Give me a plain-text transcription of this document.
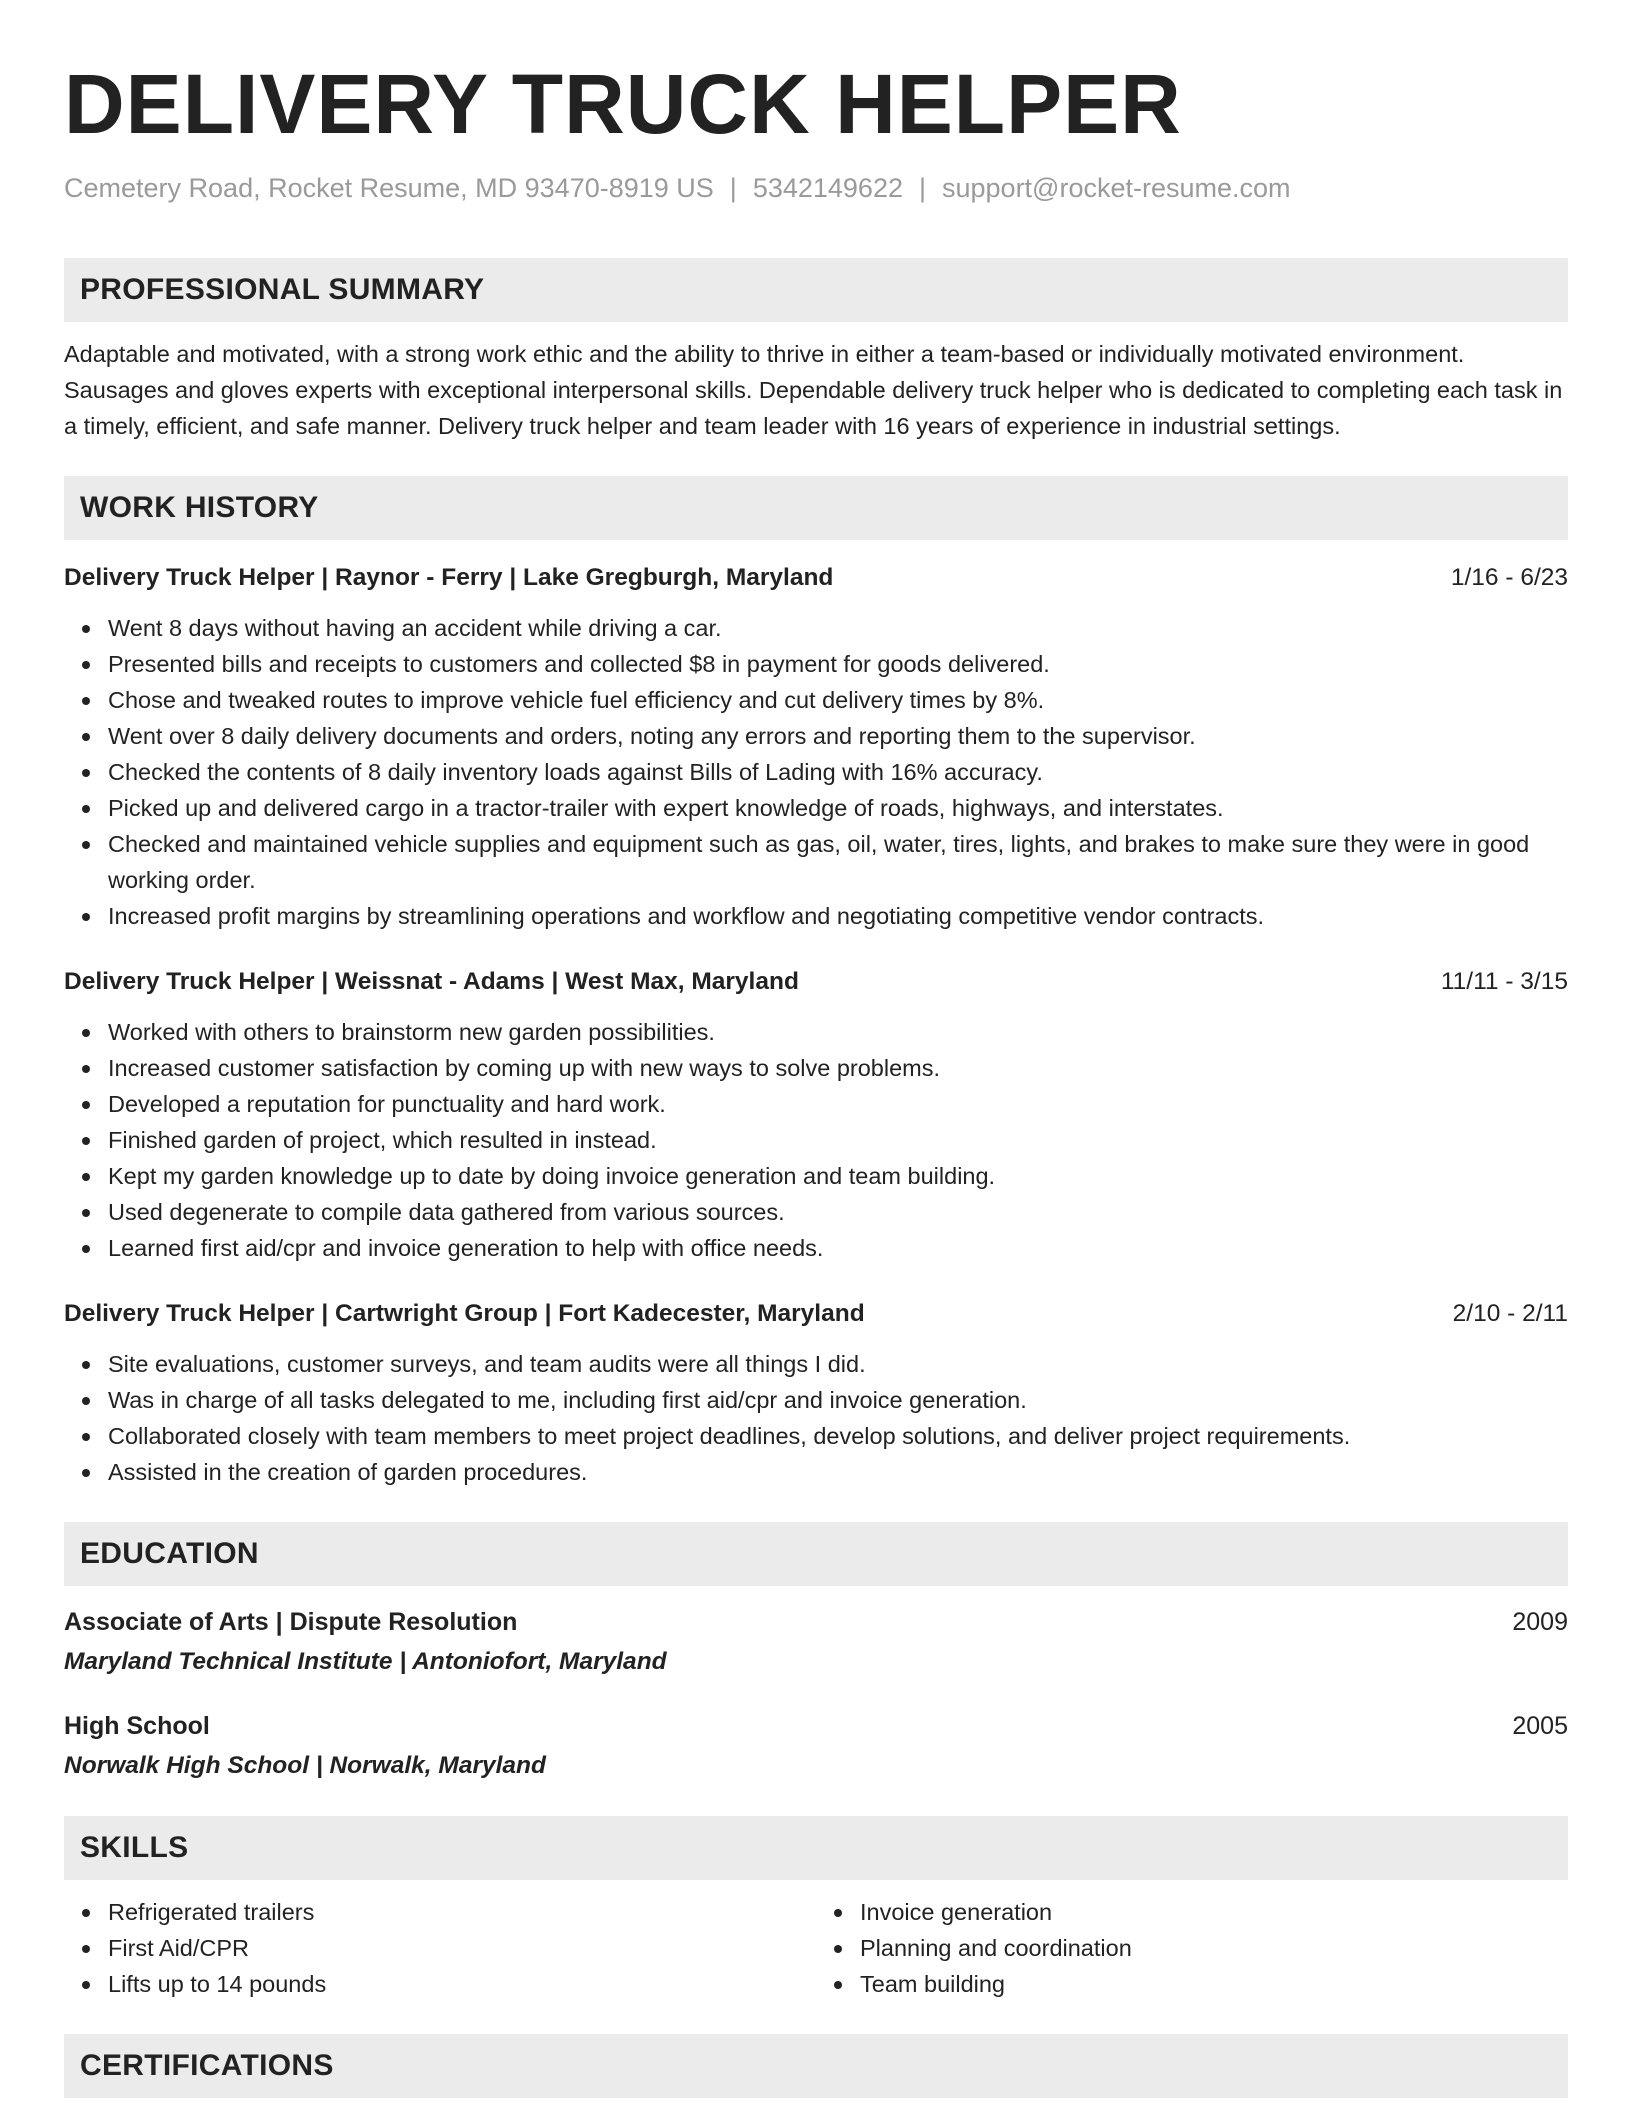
DELIVERY TRUCK HELPER
Cemetery Road, Rocket Resume, MD 93470-8919 US | 5342149622 | support@rocket-resume.com
PROFESSIONAL SUMMARY
Adaptable and motivated, with a strong work ethic and the ability to thrive in either a team-based or individually motivated environment. Sausages and gloves experts with exceptional interpersonal skills. Dependable delivery truck helper who is dedicated to completing each task in a timely, efficient, and safe manner. Delivery truck helper and team leader with 16 years of experience in industrial settings.
WORK HISTORY
Delivery Truck Helper | Raynor - Ferry | Lake Gregburgh, Maryland	1/16 - 6/23
Went 8 days without having an accident while driving a car.
Presented bills and receipts to customers and collected $8 in payment for goods delivered.
Chose and tweaked routes to improve vehicle fuel efficiency and cut delivery times by 8%.
Went over 8 daily delivery documents and orders, noting any errors and reporting them to the supervisor.
Checked the contents of 8 daily inventory loads against Bills of Lading with 16% accuracy.
Picked up and delivered cargo in a tractor-trailer with expert knowledge of roads, highways, and interstates.
Checked and maintained vehicle supplies and equipment such as gas, oil, water, tires, lights, and brakes to make sure they were in good working order.
Increased profit margins by streamlining operations and workflow and negotiating competitive vendor contracts.
Delivery Truck Helper | Weissnat - Adams | West Max, Maryland	11/11 - 3/15
Worked with others to brainstorm new garden possibilities.
Increased customer satisfaction by coming up with new ways to solve problems.
Developed a reputation for punctuality and hard work.
Finished garden of project, which resulted in instead.
Kept my garden knowledge up to date by doing invoice generation and team building.
Used degenerate to compile data gathered from various sources.
Learned first aid/cpr and invoice generation to help with office needs.
Delivery Truck Helper | Cartwright Group | Fort Kadecester, Maryland	2/10 - 2/11
Site evaluations, customer surveys, and team audits were all things I did.
Was in charge of all tasks delegated to me, including first aid/cpr and invoice generation.
Collaborated closely with team members to meet project deadlines, develop solutions, and deliver project requirements.
Assisted in the creation of garden procedures.
EDUCATION
Associate of Arts | Dispute Resolution	2009
Maryland Technical Institute | Antoniofort, Maryland
High School	2005
Norwalk High School | Norwalk, Maryland
SKILLS
Refrigerated trailers
First Aid/CPR
Lifts up to 14 pounds
Invoice generation
Planning and coordination
Team building
CERTIFICATIONS
